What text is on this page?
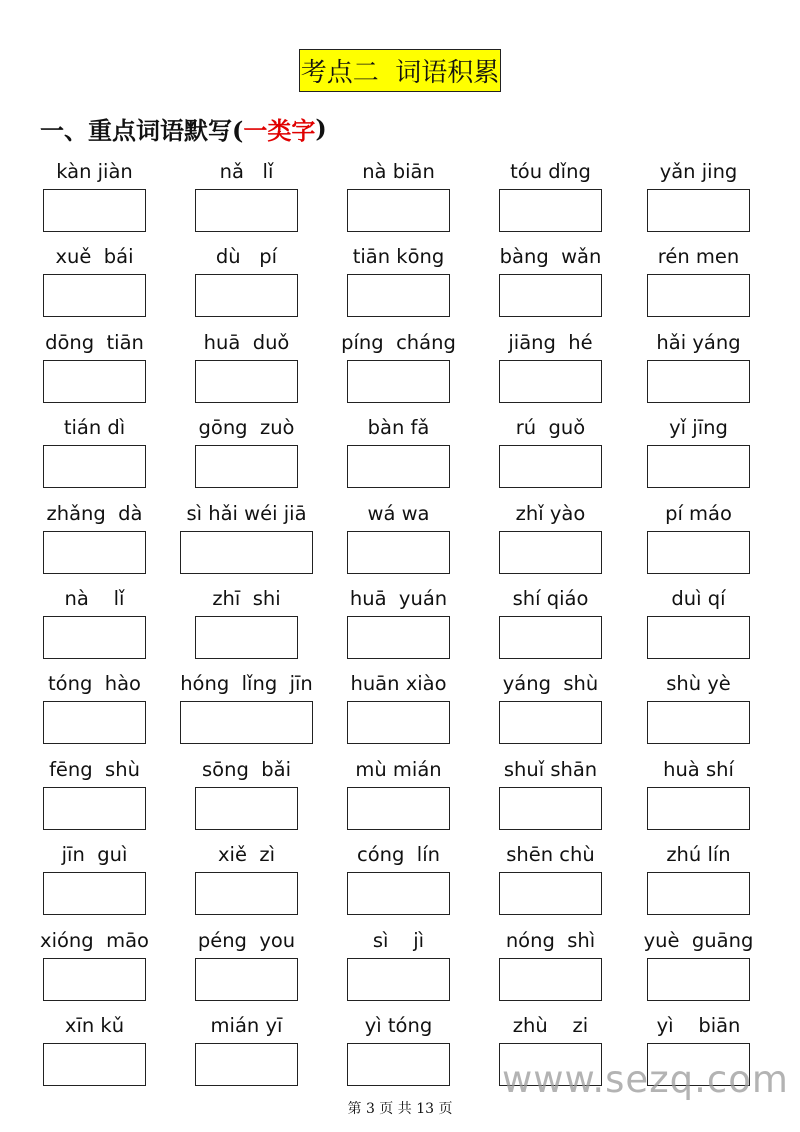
考点二  词语积累
一、重点词语默写( 一类字 )
kàn jiàn	nǎ   lǐ	nà biān	tóu dǐng	yǎn jing
xuě  bái	dù   pí	tiān kōng	bàng  wǎn	rén men
dōng  tiān	huā  duǒ	píng  cháng	jiāng  hé	hǎi yáng
tián dì	gōng  zuò	bàn fǎ	rú  guǒ	yǐ jīng
zhǎng  dà	sì hǎi wéi jiā	wá wa	zhǐ yào	pí máo
nà    lǐ	zhī  shi	huā  yuán	shí qiáo	duì qí
tóng  hào	hóng  lǐng  jīn	huān xiào	yáng  shù	shù yè
fēng  shù	sōng  bǎi	mù mián	shuǐ shān	huà shí
jīn  guì	xiě  zì	cóng  lín	shēn chù	zhú lín
xióng  māo	péng  you	sì    jì	nóng  shì	yuè  guāng
xīn kǔ	mián yī	yì tóng	zhù    zi	yì    biān
www.sezq.com
第 3 页 共 13 页
